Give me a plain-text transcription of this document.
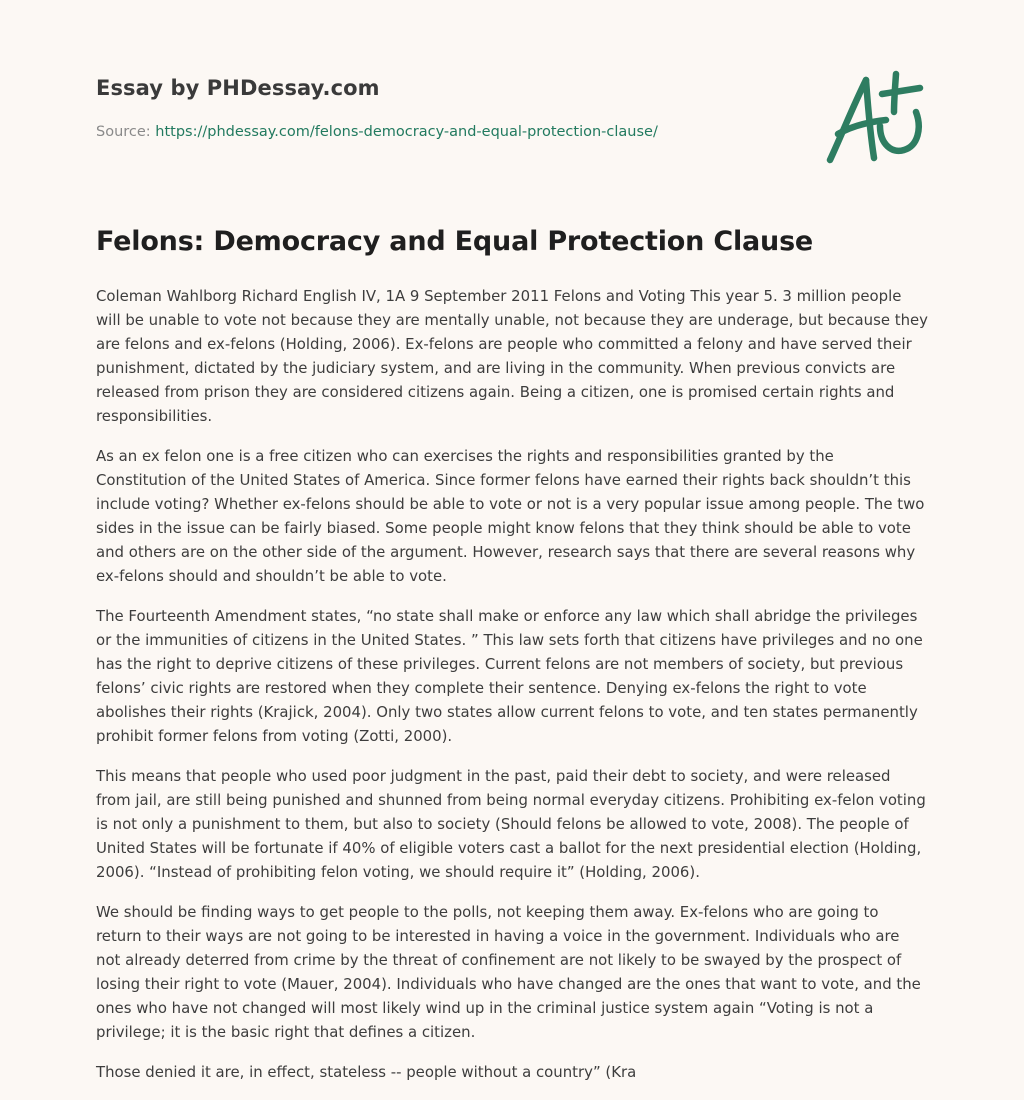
Essay by PHDessay.com
Source: https://phdessay.com/felons-democracy-and-equal-protection-clause/
Felons: Democracy and Equal Protection Clause

Coleman Wahlborg Richard English IV, 1A 9 September 2011 Felons and Voting This year 5. 3 million people will be unable to vote not because they are mentally unable, not because they are underage, but because they are felons and ex-felons (Holding, 2006). Ex-felons are people who committed a felony and have served their punishment, dictated by the judiciary system, and are living in the community. When previous convicts are released from prison they are considered citizens again. Being a citizen, one is promised certain rights and responsibilities.

As an ex felon one is a free citizen who can exercises the rights and responsibilities granted by the Constitution of the United States of America. Since former felons have earned their rights back shouldn’t this include voting? Whether ex-felons should be able to vote or not is a very popular issue among people. The two sides in the issue can be fairly biased. Some people might know felons that they think should be able to vote and others are on the other side of the argument. However, research says that there are several reasons why ex-felons should and shouldn’t be able to vote.

The Fourteenth Amendment states, “no state shall make or enforce any law which shall abridge the privileges or the immunities of citizens in the United States. ” This law sets forth that citizens have privileges and no one has the right to deprive citizens of these privileges. Current felons are not members of society, but previous felons’ civic rights are restored when they complete their sentence. Denying ex-felons the right to vote abolishes their rights (Krajick, 2004). Only two states allow current felons to vote, and ten states permanently prohibit former felons from voting (Zotti, 2000).

This means that people who used poor judgment in the past, paid their debt to society, and were released from jail, are still being punished and shunned from being normal everyday citizens. Prohibiting ex-felon voting is not only a punishment to them, but also to society (Should felons be allowed to vote, 2008). The people of United States will be fortunate if 40% of eligible voters cast a ballot for the next presidential election (Holding, 2006). “Instead of prohibiting felon voting, we should require it” (Holding, 2006).

We should be finding ways to get people to the polls, not keeping them away. Ex-felons who are going to return to their ways are not going to be interested in having a voice in the government. Individuals who are not already deterred from crime by the threat of confinement are not likely to be swayed by the prospect of losing their right to vote (Mauer, 2004). Individuals who have changed are the ones that want to vote, and the ones who have not changed will most likely wind up in the criminal justice system again “Voting is not a privilege; it is the basic right that defines a citizen.

Those denied it are, in effect, stateless -- people without a country” (Kra
